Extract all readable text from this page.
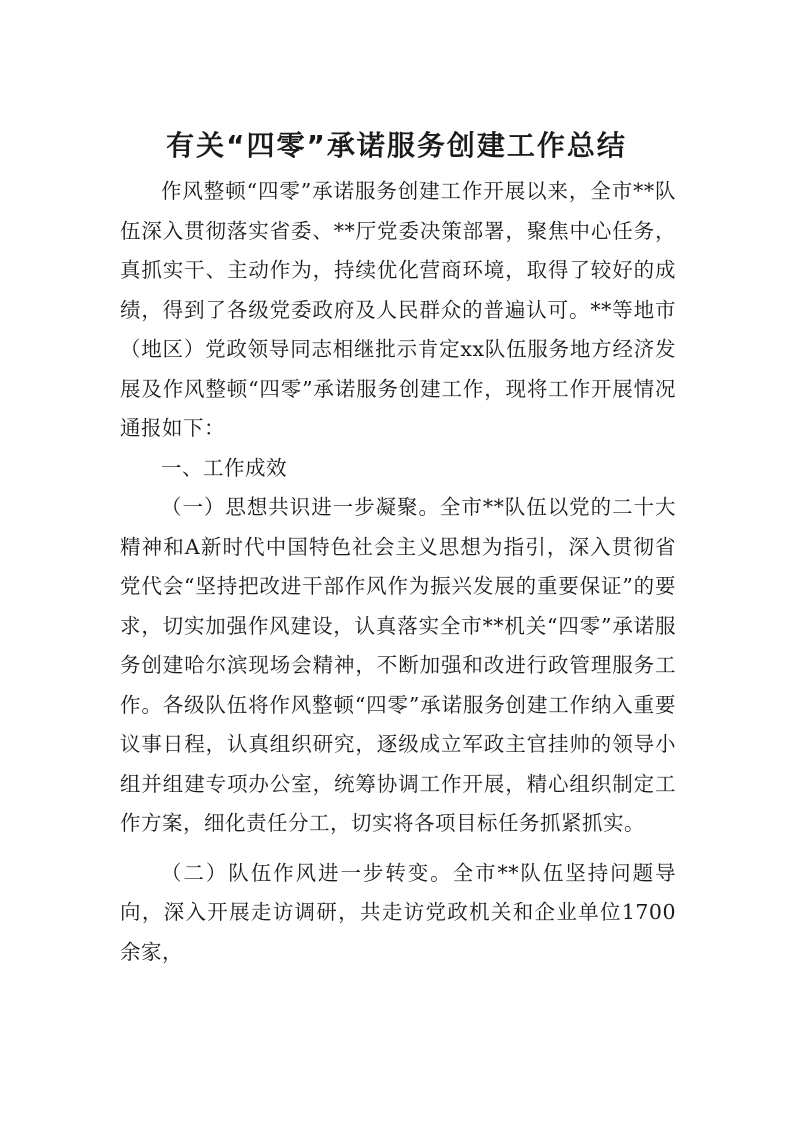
有关“四零”承诺服务创建工作总结

作风整顿“四零”承诺服务创建工作开展以来，全市**队伍深入贯彻落实省委、**厅党委决策部署，聚焦中心任务，真抓实干、主动作为，持续优化营商环境，取得了较好的成绩，得到了各级党委政府及人民群众的普遍认可。**等地市（地区）党政领导同志相继批示肯定xx队伍服务地方经济发展及作风整顿“四零”承诺服务创建工作，现将工作开展情况通报如下：

一、工作成效

（一）思想共识进一步凝聚。全市**队伍以党的二十大精神和A新时代中国特色社会主义思想为指引，深入贯彻省党代会“坚持把改进干部作风作为振兴发展的重要保证”的要求，切实加强作风建设，认真落实全市**机关“四零”承诺服务创建哈尔滨现场会精神，不断加强和改进行政管理服务工作。各级队伍将作风整顿“四零”承诺服务创建工作纳入重要议事日程，认真组织研究，逐级成立军政主官挂帅的领导小组并组建专项办公室，统筹协调工作开展，精心组织制定工作方案，细化责任分工，切实将各项目标任务抓紧抓实。

（二）队伍作风进一步转变。全市**队伍坚持问题导向，深入开展走访调研，共走访党政机关和企业单位1700余家，
